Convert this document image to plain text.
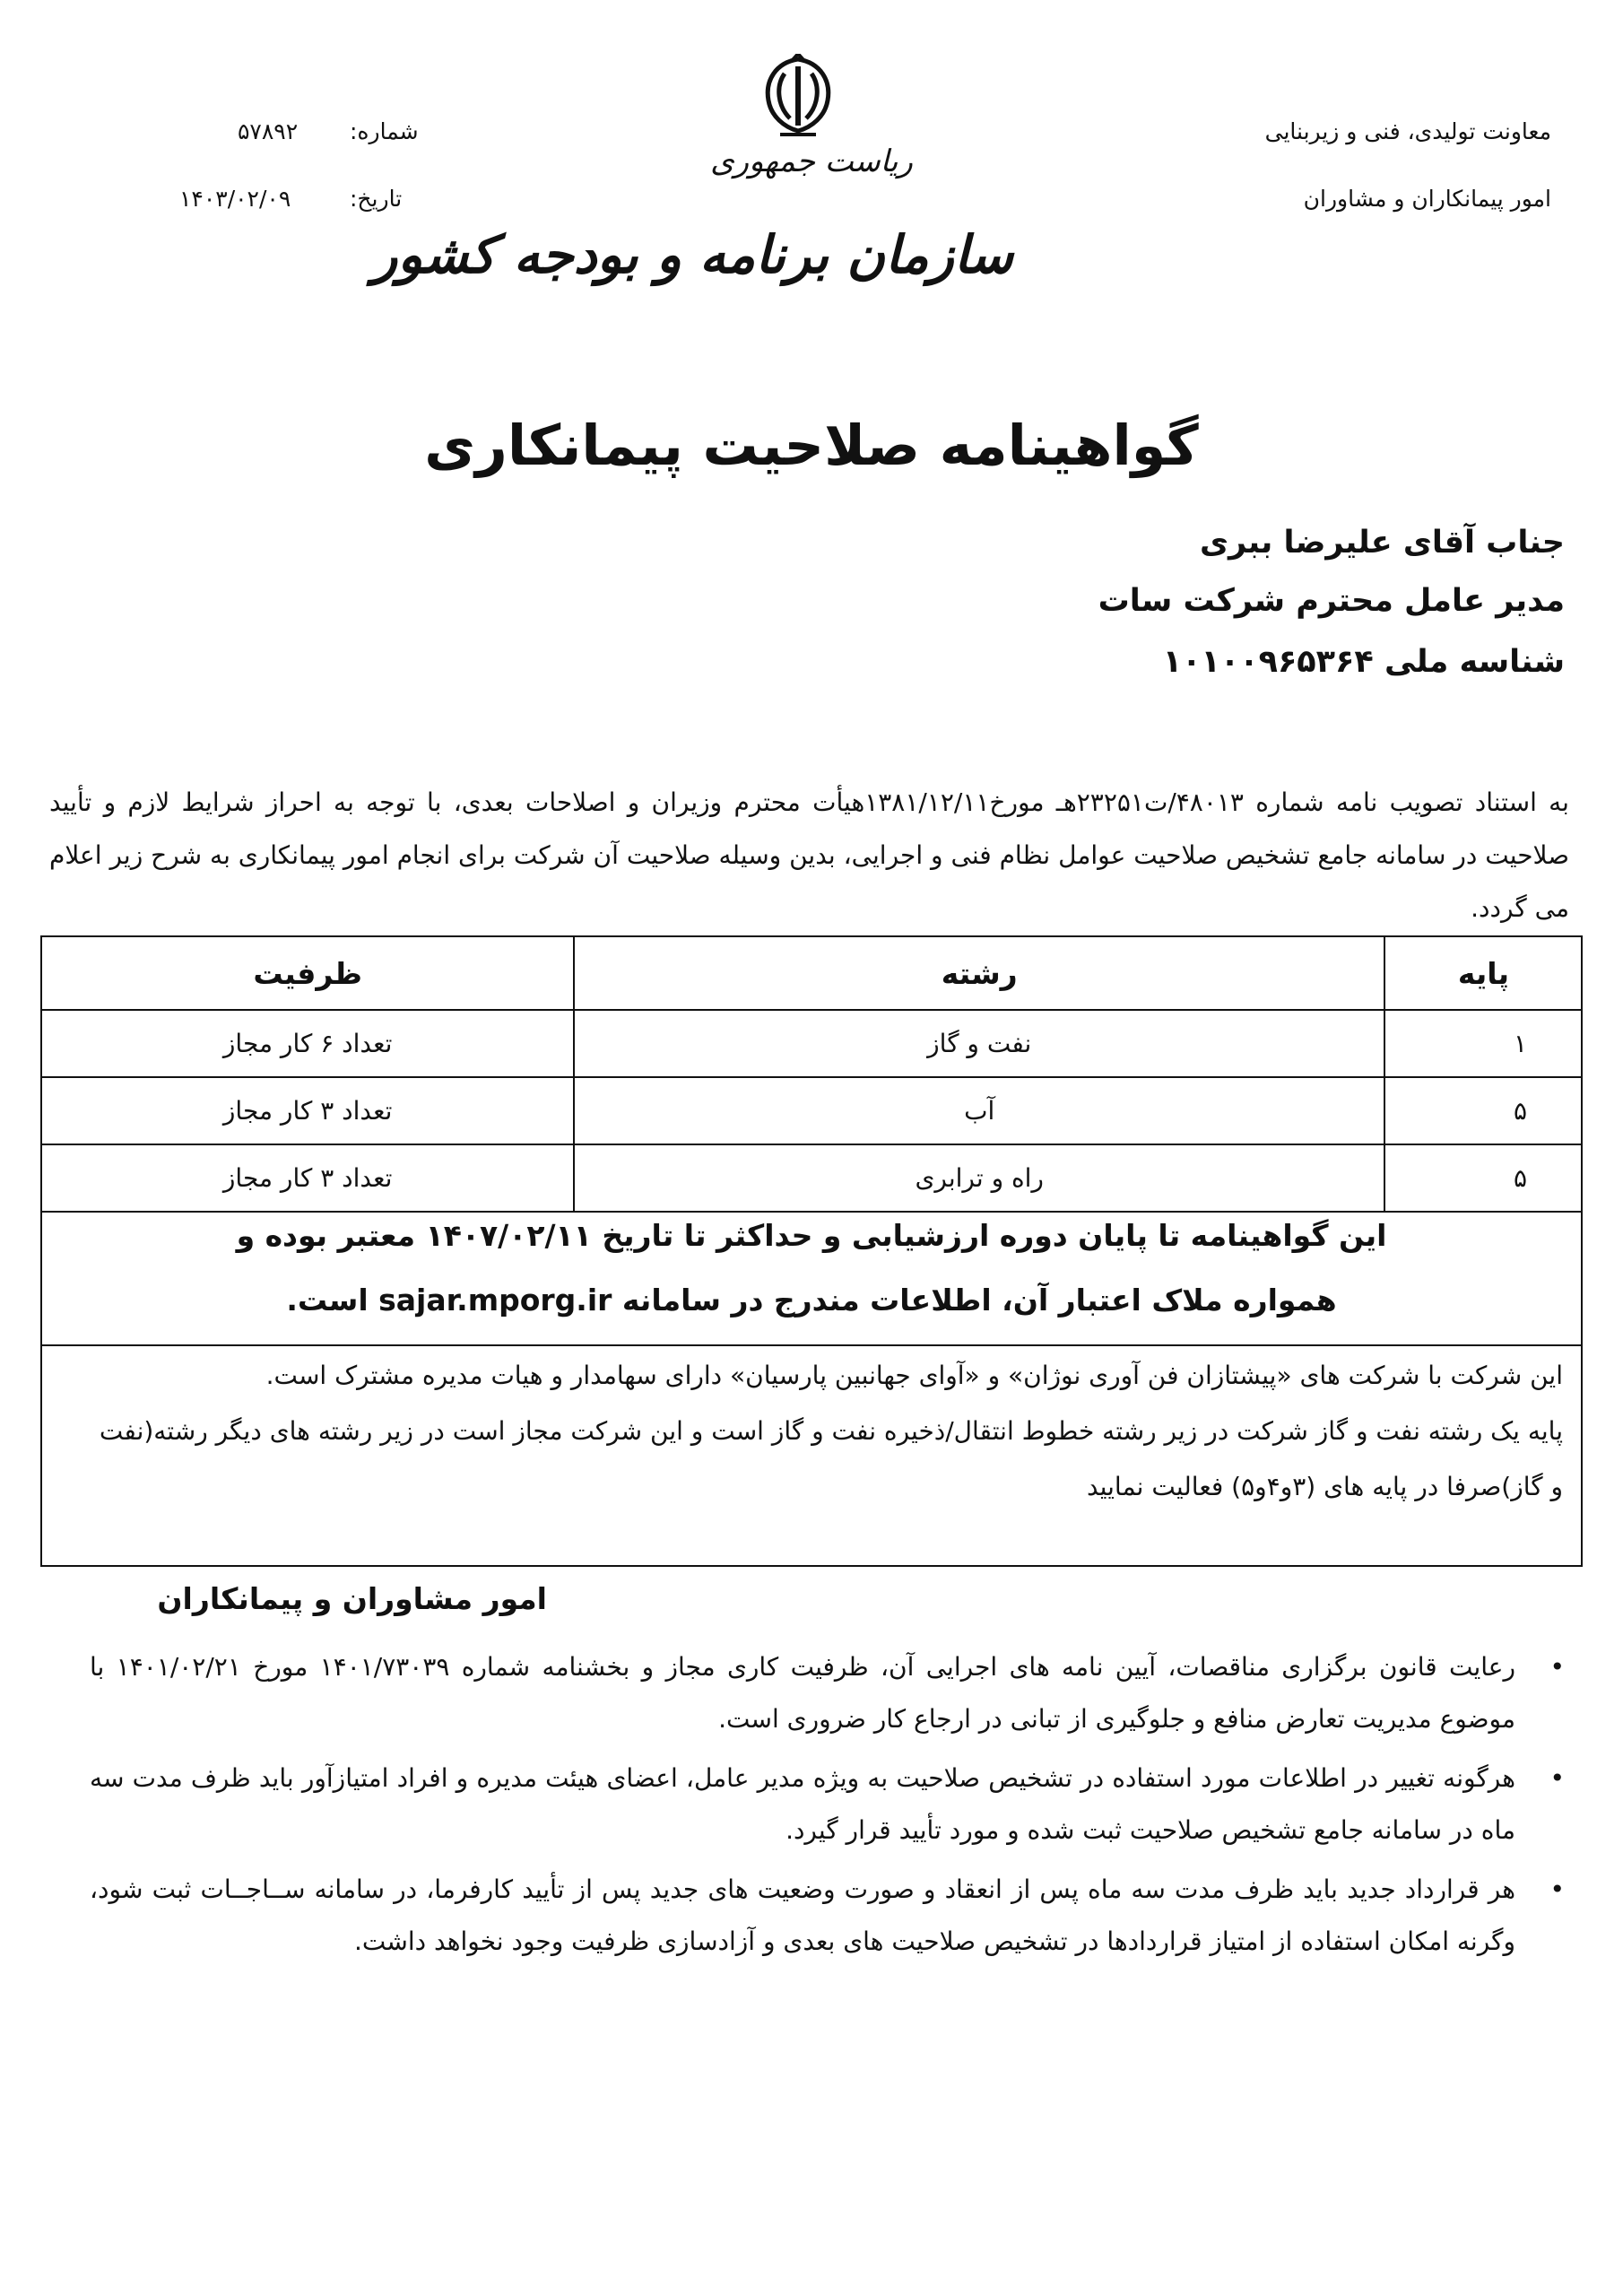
معاونت تولیدی، فنی و زیربنایی
امور پیمانکاران و مشاوران
شماره:
۵۷۸۹۲
تاریخ:
۱۴۰۳/۰۲/۰۹
ریاست جمهوری
سازمان برنامه و بودجه کشور
گواهینامه صلاحیت پیمانکاری
جناب آقای علیرضا ببری
مدیر عامل محترم شرکت سات
شناسه ملی ۱۰۱۰۰۹۶۵۳۶۴
به استناد تصویب نامه شماره ۴۸۰۱۳/ت۲۳۲۵۱هـ مورخ۱۳۸۱/۱۲/۱۱هیأت محترم وزیران و اصلاحات بعدی، با توجه به احراز شرایط لازم و تأیید صلاحیت در سامانه جامع تشخیص صلاحیت عوامل نظام فنی و اجرایی، بدین وسیله صلاحیت آن شرکت برای انجام امور پیمانکاری به شرح زیر اعلام می گردد.
پایه	رشته	ظرفیت
۱	نفت و گاز	تعداد ۶ کار مجاز
۵	آب	تعداد ۳ کار مجاز
۵	راه و ترابری	تعداد ۳ کار مجاز
این گواهینامه تا پایان دوره ارزشیابی و حداکثر تا تاریخ ۱۴۰۷/۰۲/۱۱ معتبر بوده و
همواره ملاک اعتبار آن، اطلاعات مندرج در سامانه sajar.mporg.ir است.

این شرکت با شرکت های «پیشتازان فن آوری نوژان» و «آوای جهانبین پارسیان» دارای سهامدار و هیات مدیره مشترک است.

پایه یک رشته نفت و گاز شرکت در زیر رشته خطوط انتقال/ذخیره نفت و گاز است و این شرکت مجاز است در زیر رشته های دیگر رشته(نفت

و گاز)صرفا در پایه های (۳و۴و۵) فعالیت نمایید

امور مشاوران و پیمانکاران
•
رعایت قانون برگزاری مناقصات، آیین نامه های اجرایی آن، ظرفیت کاری مجاز و بخشنامه شماره ۱۴۰۱/۷۳۰۳۹ مورخ ۱۴۰۱/۰۲/۲۱ با موضوع مدیریت تعارض منافع و جلوگیری از تبانی در ارجاع کار ضروری است.
•
هرگونه تغییر در اطلاعات مورد استفاده در تشخیص صلاحیت به ویژه مدیر عامل، اعضای هیئت مدیره و افراد امتیازآور باید ظرف مدت سه ماه در سامانه جامع تشخیص صلاحیت ثبت شده و مورد تأیید قرار گیرد.
•
هر قرارداد جدید باید ظرف مدت سه ماه پس از انعقاد و صورت وضعیت های جدید پس از تأیید کارفرما، در سامانه ســاجــات ثبت شود، وگرنه امکان استفاده از امتیاز قراردادها در تشخیص صلاحیت های بعدی و آزادسازی ظرفیت وجود نخواهد داشت.
